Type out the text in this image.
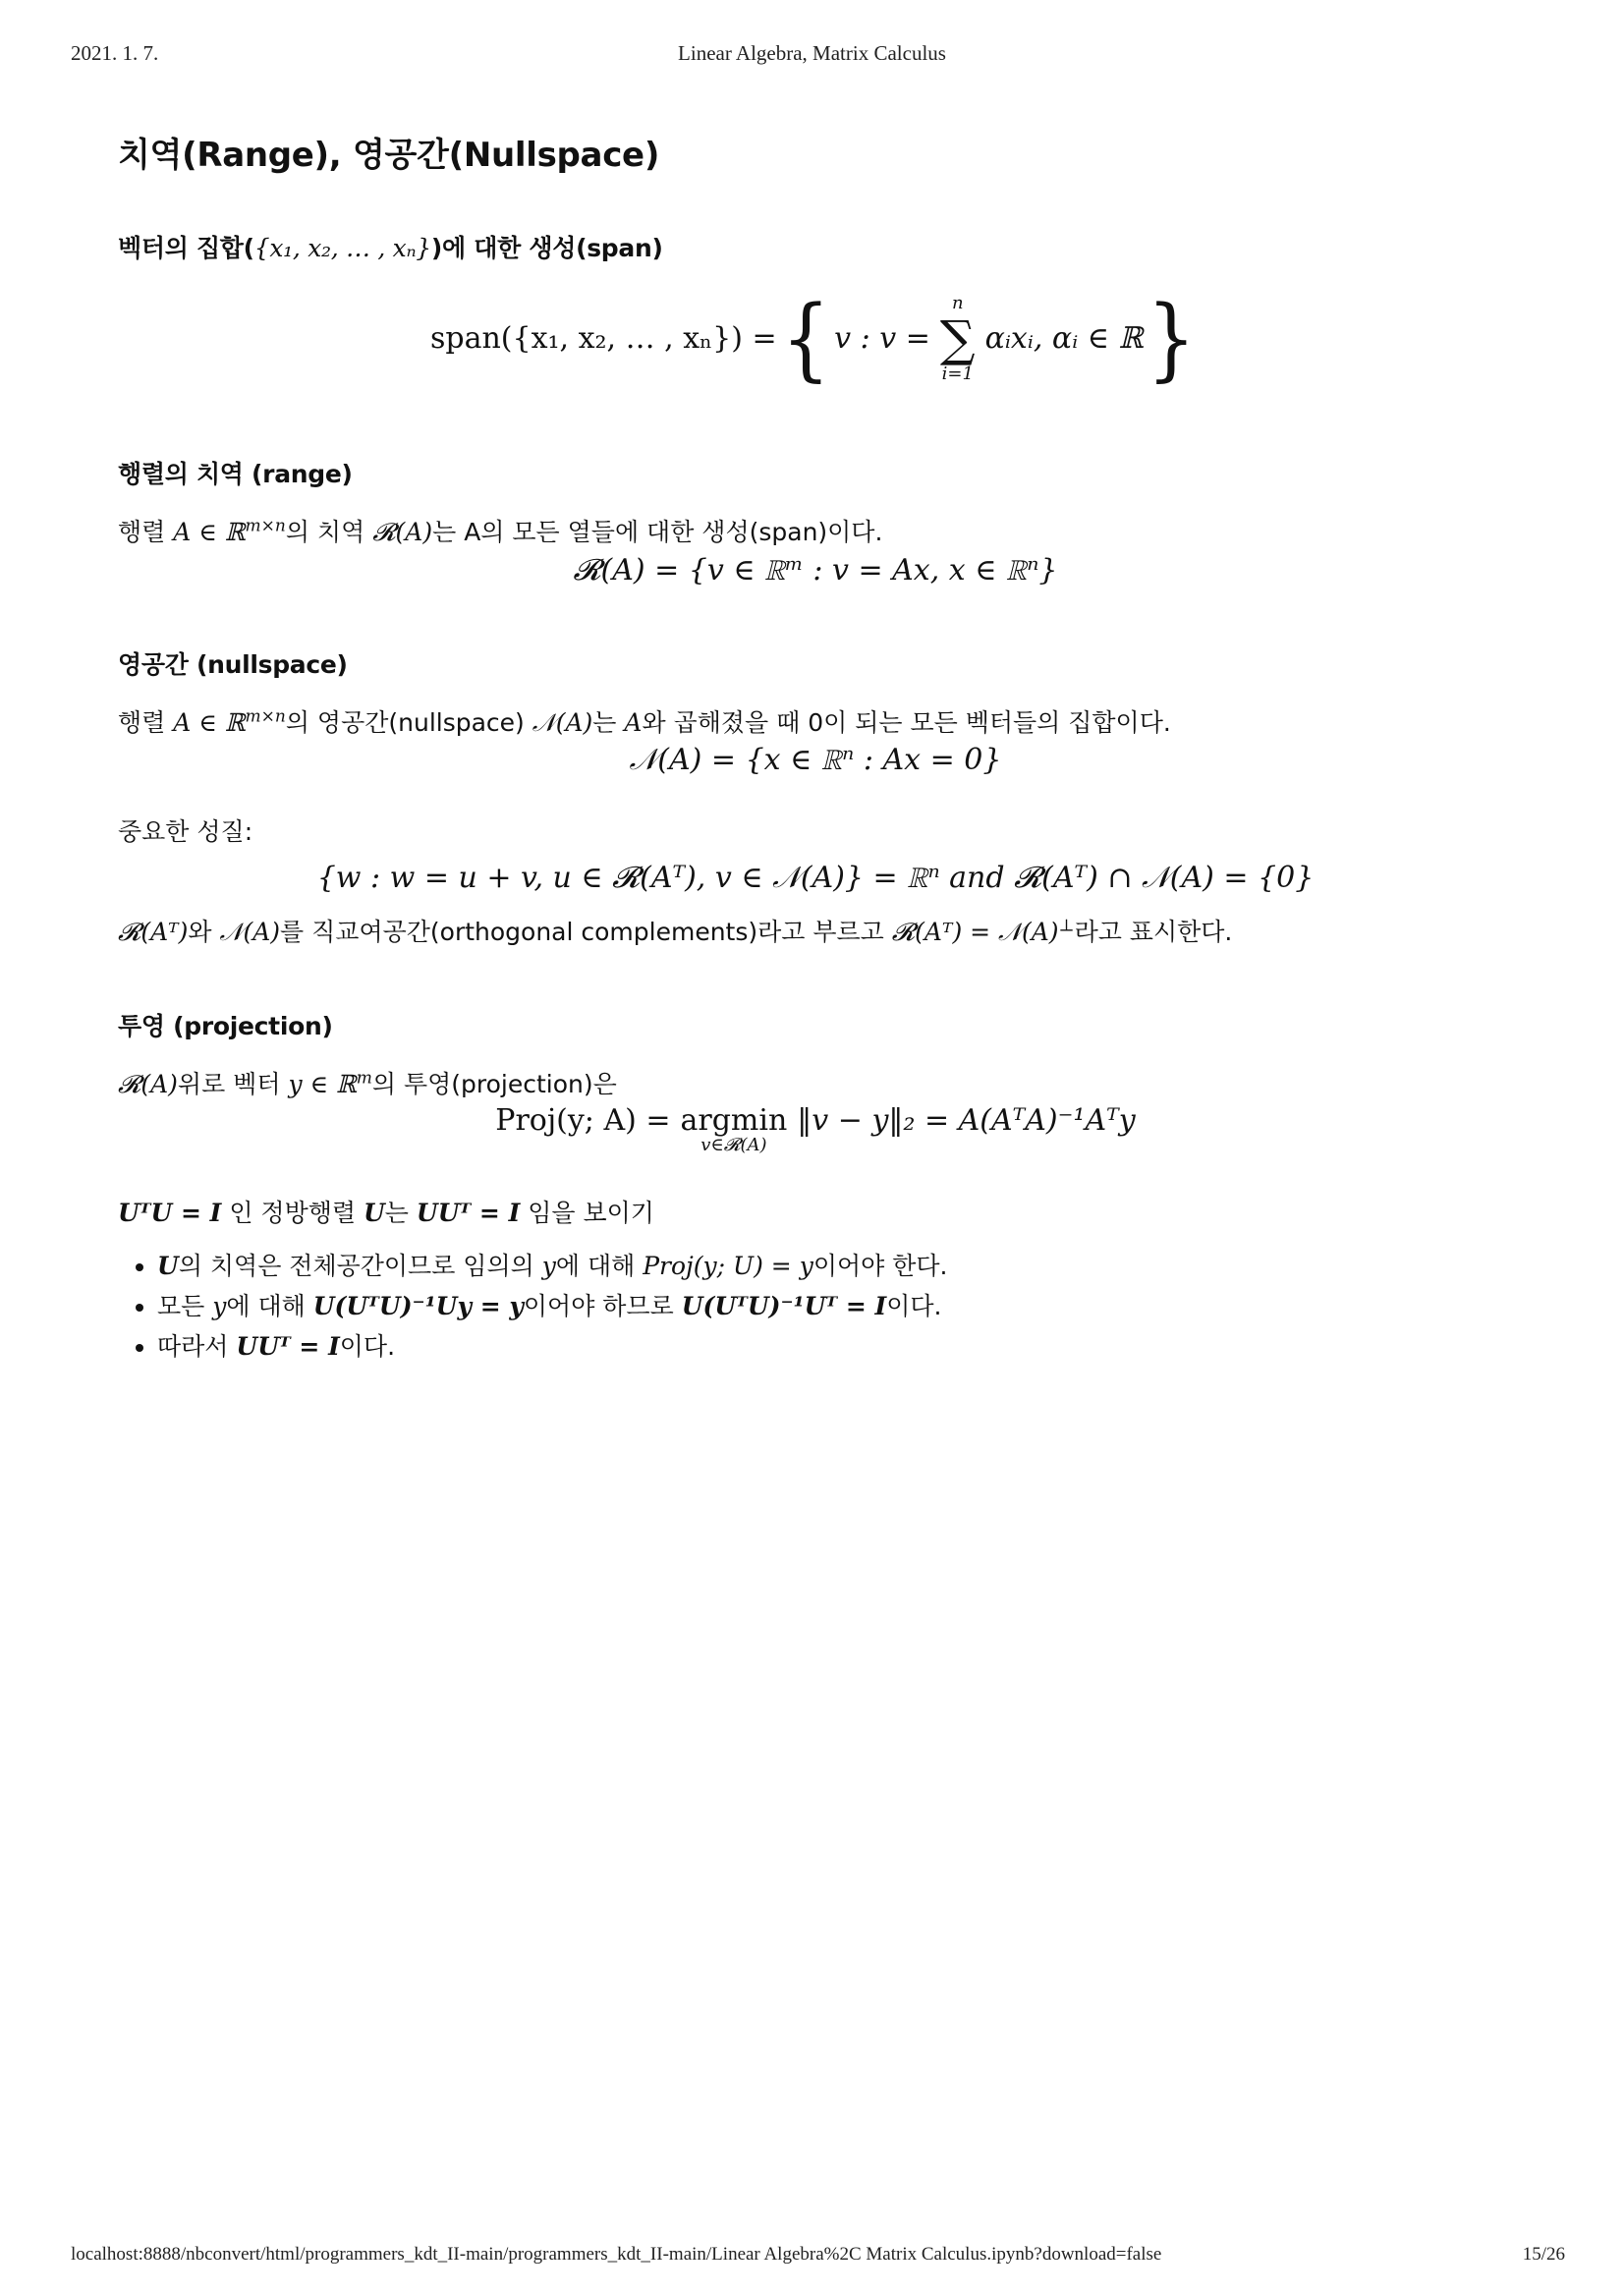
2021. 1. 7.	Linear Algebra, Matrix Calculus
치역(Range), 영공간(Nullspace)
벡터의 집합({x₁, x₂, … , xₙ})에 대한 생성(span)
span({x₁, x₂, … , xₙ}) = { v : v =
n
∑
i=1
αᵢxᵢ, αᵢ ∈ ℝ }
행렬의 치역 (range)

행렬 A ∈ ℝ$^{m\times n}$의 치역 𝓡(A)는 A의 모든 열들에 대한 생성(span)이다.

𝓡(A) = {v ∈ ℝᵐ : v = Ax, x ∈ ℝⁿ}
영공간 (nullspace)

행렬 A ∈ ℝ$^{m\times n}$의 영공간(nullspace) 𝒩(A)는 A와 곱해졌을 때 0이 되는 모든 벡터들의 집합이다.

𝒩(A) = {x ∈ ℝⁿ : Ax = 0}

중요한 성질:

{w : w = u + v, u ∈ 𝓡(Aᵀ), v ∈ 𝒩(A)} = ℝⁿ and 𝓡(Aᵀ) ∩ 𝒩(A) = {0}

𝓡(Aᵀ)와 𝒩(A)를 직교여공간(orthogonal complements)라고 부르고 𝓡(Aᵀ) = 𝒩(A)⊥라고 표시한다.

투영 (projection)

𝓡(A)위로 벡터 y ∈ ℝ$^m$의 투영(projection)은

Proj(y; A) = argmin
v∈𝓡(A)
‖v − y‖₂ = A(AᵀA)⁻¹Aᵀy

UᵀU = I 인 정방행렬 U는 UUᵀ = I 임을 보이기

• U의 치역은 전체공간이므로 임의의 y에 대해 Proj(y; U) = y이어야 한다.
• 모든 y에 대해 U(UᵀU)⁻¹Uy = y이어야 하므로 U(UᵀU)⁻¹Uᵀ = I이다.
• 따라서 UUᵀ = I이다.
localhost:8888/nbconvert/html/programmers_kdt_II-main/programmers_kdt_II-main/Linear Algebra%2C Matrix Calculus.ipynb?download=false	15/26
